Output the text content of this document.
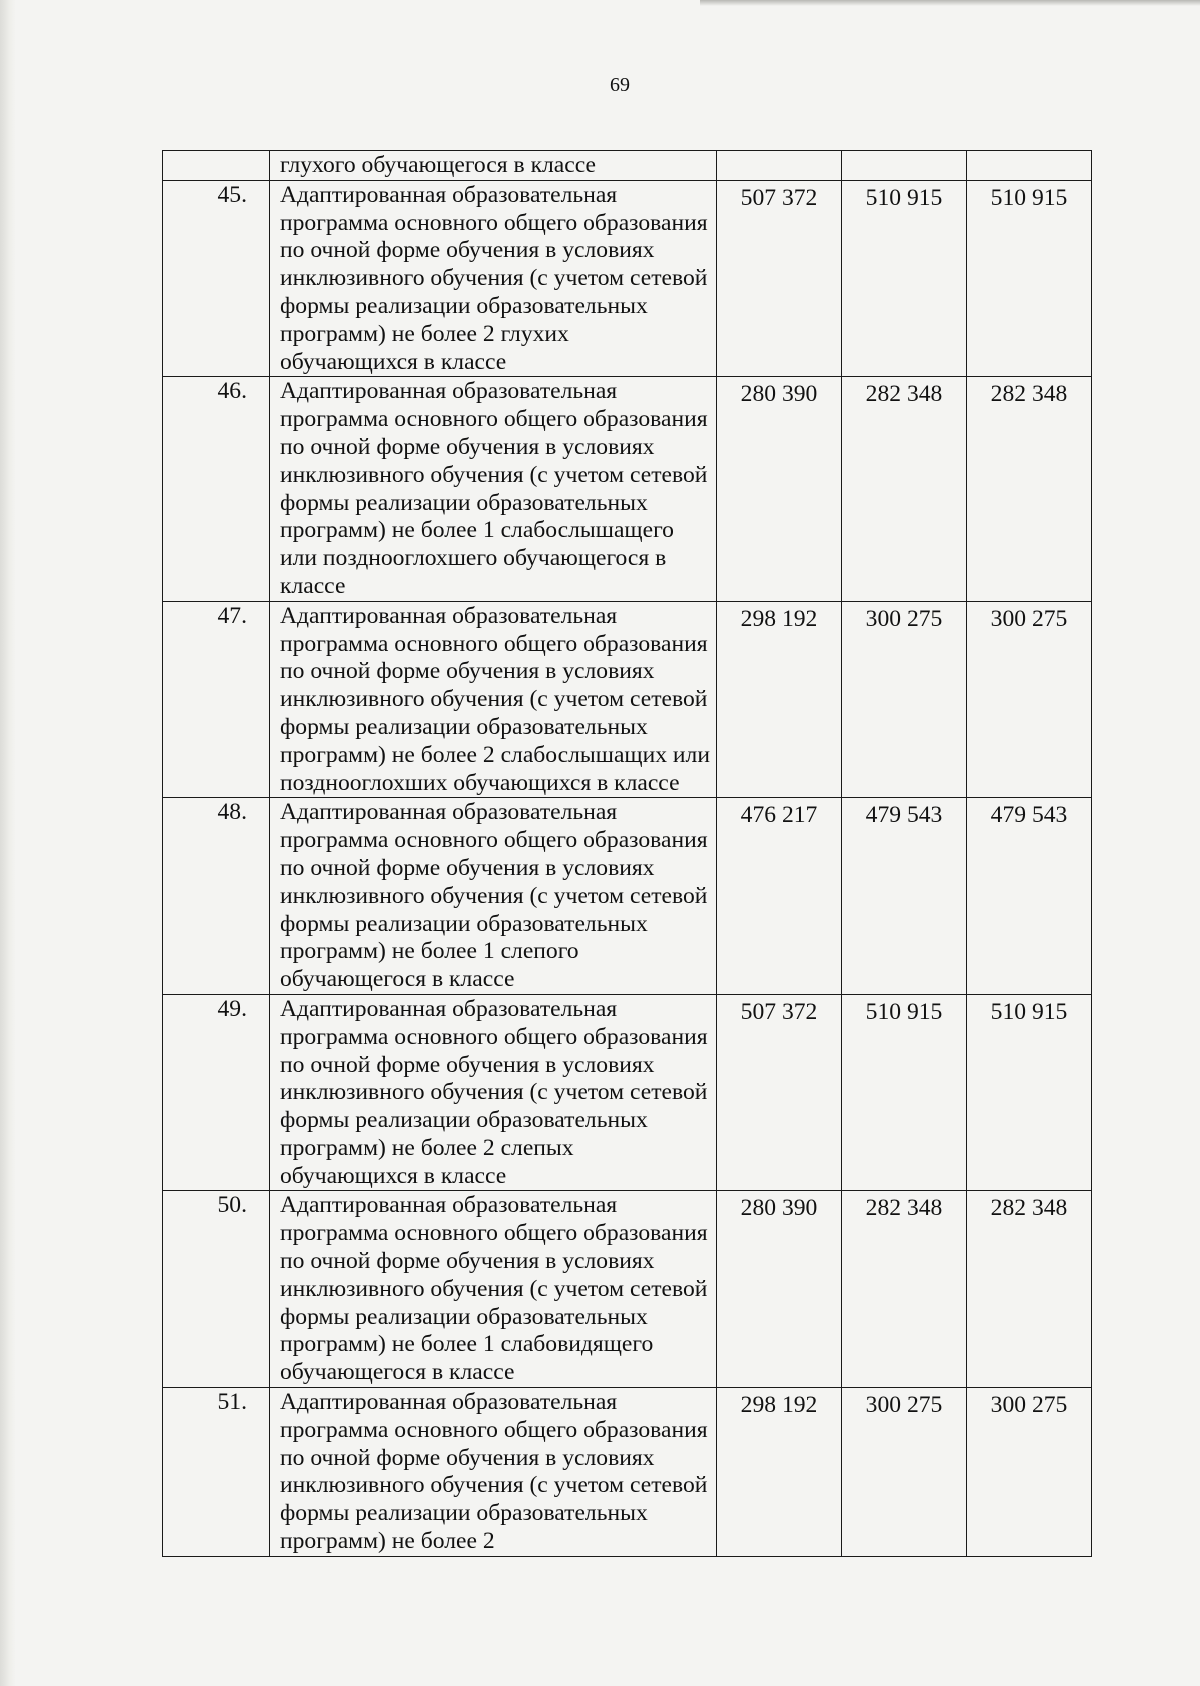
69
	глухого обучающегося в классе			
45.	Адаптированная образовательная программа основного общего образования по очной форме обучения в условиях инклюзивного обучения (с учетом сетевой формы реализации образовательных программ) не более 2 глухих обучающихся в классе	507 372	510 915	510 915
46.	Адаптированная образовательная программа основного общего образования по очной форме обучения в условиях инклюзивного обучения (с учетом сетевой формы реализации образовательных программ) не более 1 слабослышащего или позднооглохшего обучающегося в классе	280 390	282 348	282 348
47.	Адаптированная образовательная программа основного общего образования по очной форме обучения в условиях инклюзивного обучения (с учетом сетевой формы реализации образовательных программ) не более 2 слабослышащих или позднооглохших обучающихся в классе	298 192	300 275	300 275
48.	Адаптированная образовательная программа основного общего образования по очной форме обучения в условиях инклюзивного обучения (с учетом сетевой формы реализации образовательных программ) не более 1 слепого обучающегося в классе	476 217	479 543	479 543
49.	Адаптированная образовательная программа основного общего образования по очной форме обучения в условиях инклюзивного обучения (с учетом сетевой формы реализации образовательных программ) не более 2 слепых обучающихся в классе	507 372	510 915	510 915
50.	Адаптированная образовательная программа основного общего образования по очной форме обучения в условиях инклюзивного обучения (с учетом сетевой формы реализации образовательных программ) не более 1 слабовидящего обучающегося в классе	280 390	282 348	282 348
51.	Адаптированная образовательная программа основного общего образования по очной форме обучения в условиях инклюзивного обучения (с учетом сетевой формы реализации образовательных программ) не более 2	298 192	300 275	300 275
